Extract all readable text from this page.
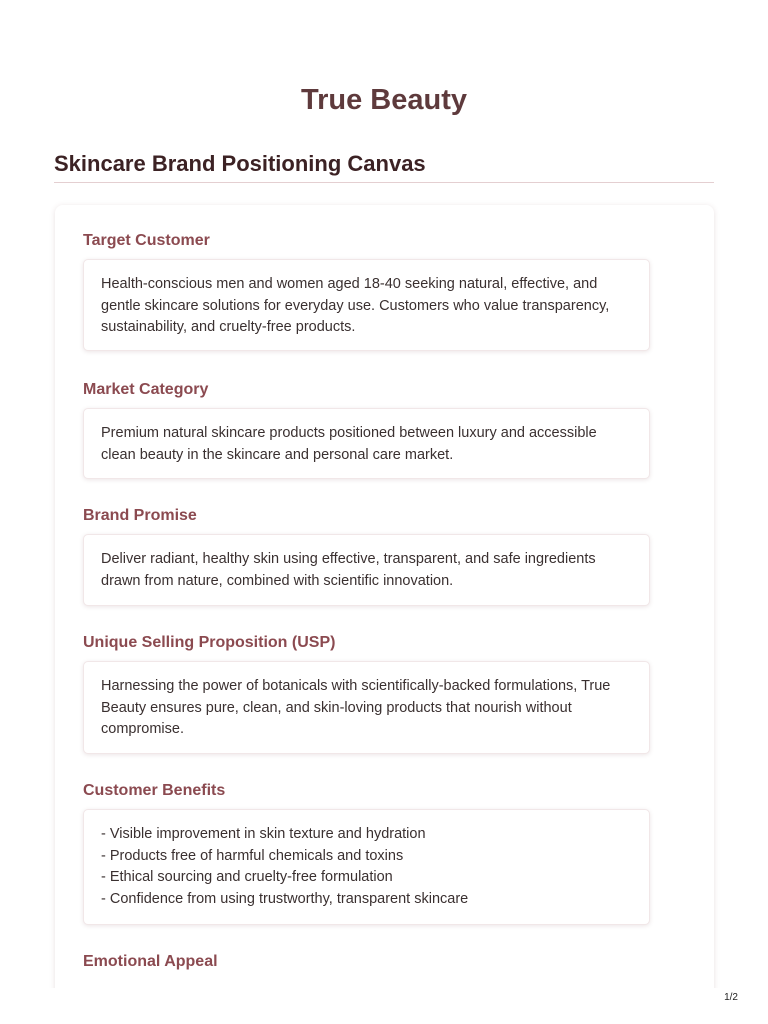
True Beauty
Skincare Brand Positioning Canvas
Target Customer

Health-conscious men and women aged 18-40 seeking natural, effective, and gentle skincare solutions for everyday use. Customers who value transparency, sustainability, and cruelty-free products.

Market Category

Premium natural skincare products positioned between luxury and accessible clean beauty in the skincare and personal care market.

Brand Promise

Deliver radiant, healthy skin using effective, transparent, and safe ingredients drawn from nature, combined with scientific innovation.

Unique Selling Proposition (USP)

Harnessing the power of botanicals with scientifically-backed formulations, True Beauty ensures pure, clean, and skin-loving products that nourish without compromise.

Customer Benefits
- Visible improvement in skin texture and hydration
- Products free of harmful chemicals and toxins
- Ethical sourcing and cruelty-free formulation
- Confidence from using trustworthy, transparent skincare
Emotional Appeal
1/2
